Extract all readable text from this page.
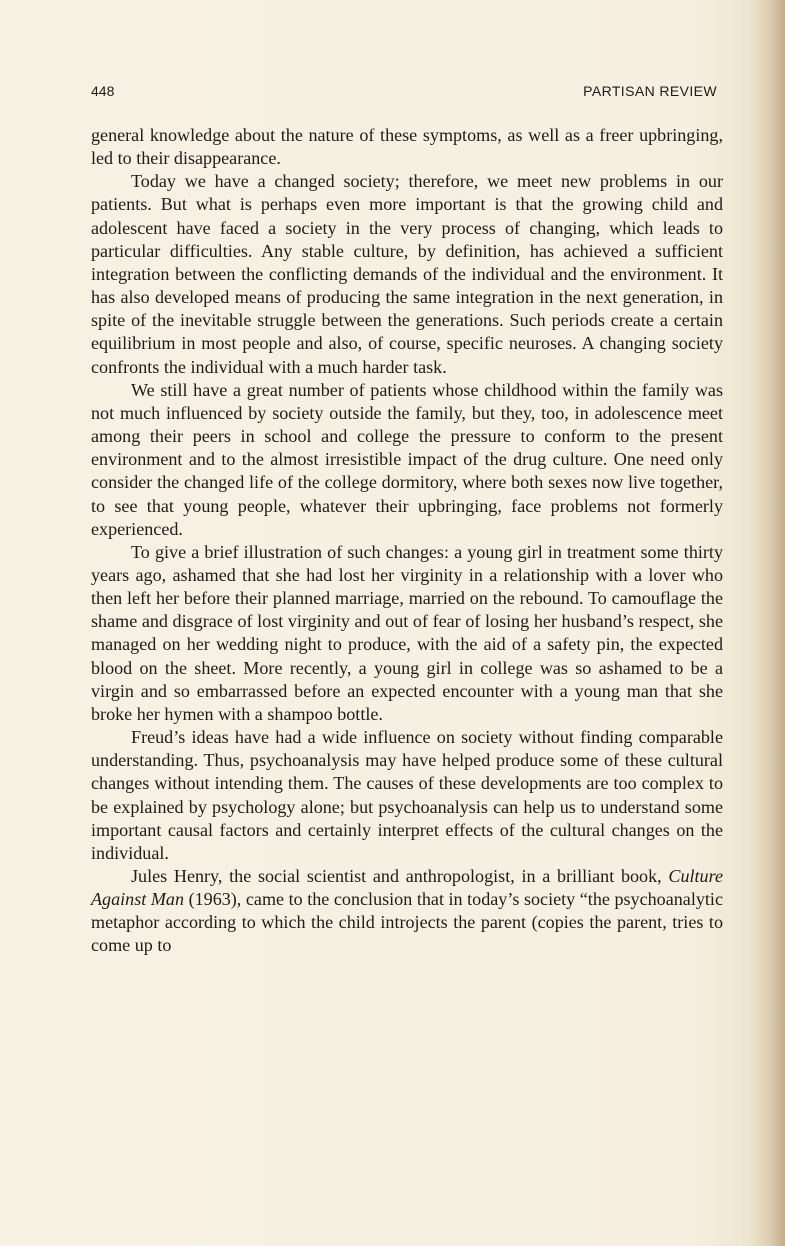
448	PARTISAN REVIEW

general knowledge about the nature of these symptoms, as well as a freer upbringing, led to their disappearance.

Today we have a changed society; therefore, we meet new problems in our patients. But what is perhaps even more important is that the growing child and adolescent have faced a society in the very process of changing, which leads to particular difficulties. Any stable culture, by definition, has achieved a sufficient integration between the conflicting demands of the individual and the environment. It has also developed means of producing the same integration in the next generation, in spite of the inevitable struggle between the generations. Such periods create a certain equilibrium in most people and also, of course, specific neuroses. A changing society confronts the individual with a much harder task.

We still have a great number of patients whose childhood within the family was not much influenced by society outside the family, but they, too, in adolescence meet among their peers in school and college the pressure to conform to the present environment and to the almost irresistible impact of the drug culture. One need only consider the changed life of the college dormitory, where both sexes now live together, to see that young people, whatever their upbringing, face problems not formerly experienced.

To give a brief illustration of such changes: a young girl in treatment some thirty years ago, ashamed that she had lost her virginity in a relationship with a lover who then left her before their planned marriage, married on the rebound. To camouflage the shame and disgrace of lost virginity and out of fear of losing her husband’s respect, she managed on her wedding night to produce, with the aid of a safety pin, the expected blood on the sheet. More recently, a young girl in college was so ashamed to be a virgin and so embarrassed before an expected encounter with a young man that she broke her hymen with a shampoo bottle.

Freud’s ideas have had a wide influence on society without finding comparable understanding. Thus, psychoanalysis may have helped produce some of these cultural changes without intending them. The causes of these developments are too complex to be explained by psychology alone; but psychoanalysis can help us to understand some important causal factors and certainly interpret effects of the cultural changes on the individual.

Jules Henry, the social scientist and anthropologist, in a brilliant book, Culture Against Man (1963), came to the conclusion that in today’s society “the psychoanalytic metaphor according to which the child introjects the parent (copies the parent, tries to come up to
